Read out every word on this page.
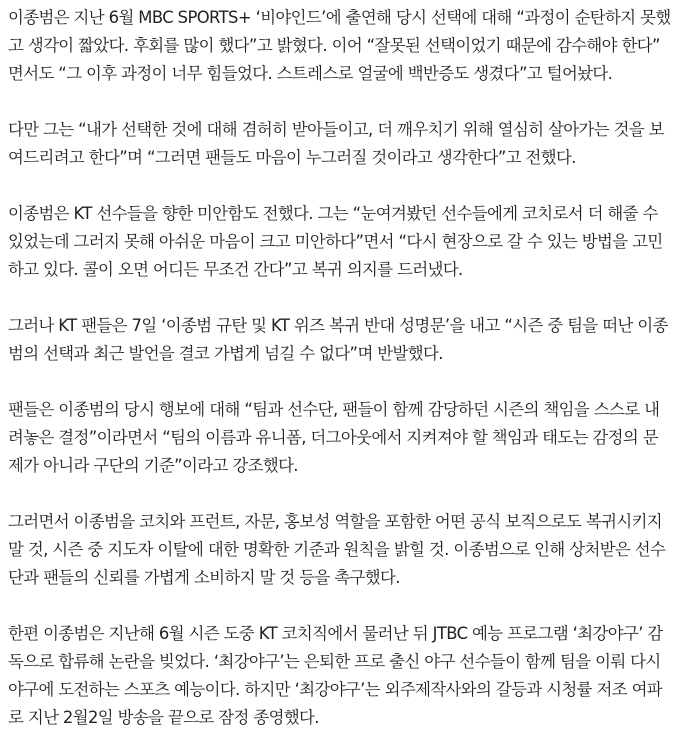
이종범은 지난 6월 MBC SPORTS+ ‘비야인드’에 출연해 당시 선택에 대해 “과정이 순탄하지 못했
고 생각이 짧았다. 후회를 많이 했다”고 밝혔다. 이어 “잘못된 선택이었기 때문에 감수해야 한다”
면서도 “그 이후 과정이 너무 힘들었다. 스트레스로 얼굴에 백반증도 생겼다”고 털어놨다.

다만 그는 “내가 선택한 것에 대해 겸허히 받아들이고, 더 깨우치기 위해 열심히 살아가는 것을 보
여드리려고 한다”며 “그러면 팬들도 마음이 누그러질 것이라고 생각한다”고 전했다.

이종범은 KT 선수들을 향한 미안함도 전했다. 그는 “눈여겨봤던 선수들에게 코치로서 더 해줄 수
있었는데 그러지 못해 아쉬운 마음이 크고 미안하다”면서 “다시 현장으로 갈 수 있는 방법을 고민
하고 있다. 콜이 오면 어디든 무조건 간다”고 복귀 의지를 드러냈다.

그러나 KT 팬들은 7일 ‘이종범 규탄 및 KT 위즈 복귀 반대 성명문’을 내고 “시즌 중 팀을 떠난 이종
범의 선택과 최근 발언을 결코 가볍게 넘길 수 없다”며 반발했다.

팬들은 이종범의 당시 행보에 대해 “팀과 선수단, 팬들이 함께 감당하던 시즌의 책임을 스스로 내
려놓은 결정”이라면서 “팀의 이름과 유니폼, 더그아웃에서 지켜져야 할 책임과 태도는 감정의 문
제가 아니라 구단의 기준”이라고 강조했다.

그러면서 이종범을 코치와 프런트, 자문, 홍보성 역할을 포함한 어떤 공식 보직으로도 복귀시키지
말 것, 시즌 중 지도자 이탈에 대한 명확한 기준과 원칙을 밝힐 것. 이종범으로 인해 상처받은 선수
단과 팬들의 신뢰를 가볍게 소비하지 말 것 등을 촉구했다.

한편 이종범은 지난해 6월 시즌 도중 KT 코치직에서 물러난 뒤 JTBC 예능 프로그램 ‘최강야구’ 감
독으로 합류해 논란을 빚었다. ‘최강야구’는 은퇴한 프로 출신 야구 선수들이 함께 팀을 이뤄 다시
야구에 도전하는 스포츠 예능이다. 하지만 ‘최강야구’는 외주제작사와의 갈등과 시청률 저조 여파
로 지난 2월2일 방송을 끝으로 잠정 종영했다.
